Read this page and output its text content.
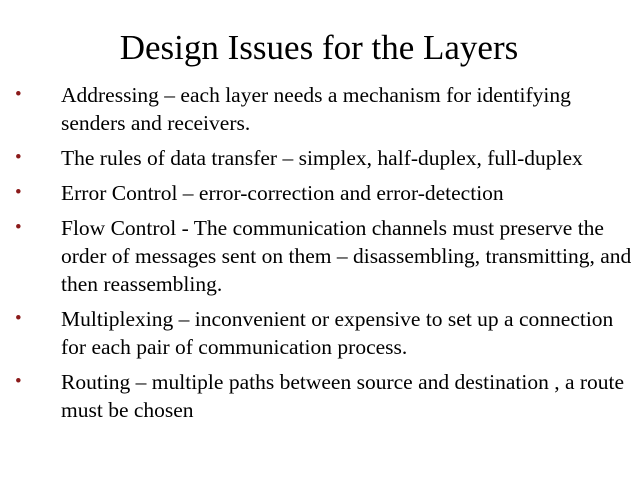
Design Issues for the Layers
• Addressing – each layer needs a mechanism for identifying senders and receivers.
• The rules of data transfer – simplex, half-duplex, full-duplex
• Error Control – error-correction and error-detection
• Flow Control - The communication channels must preserve the order of messages sent on them – disassembling, transmitting, and then reassembling.
• Multiplexing – inconvenient or expensive to set up a connection for each pair of communication process.
• Routing – multiple paths between source and destination , a route must be chosen
